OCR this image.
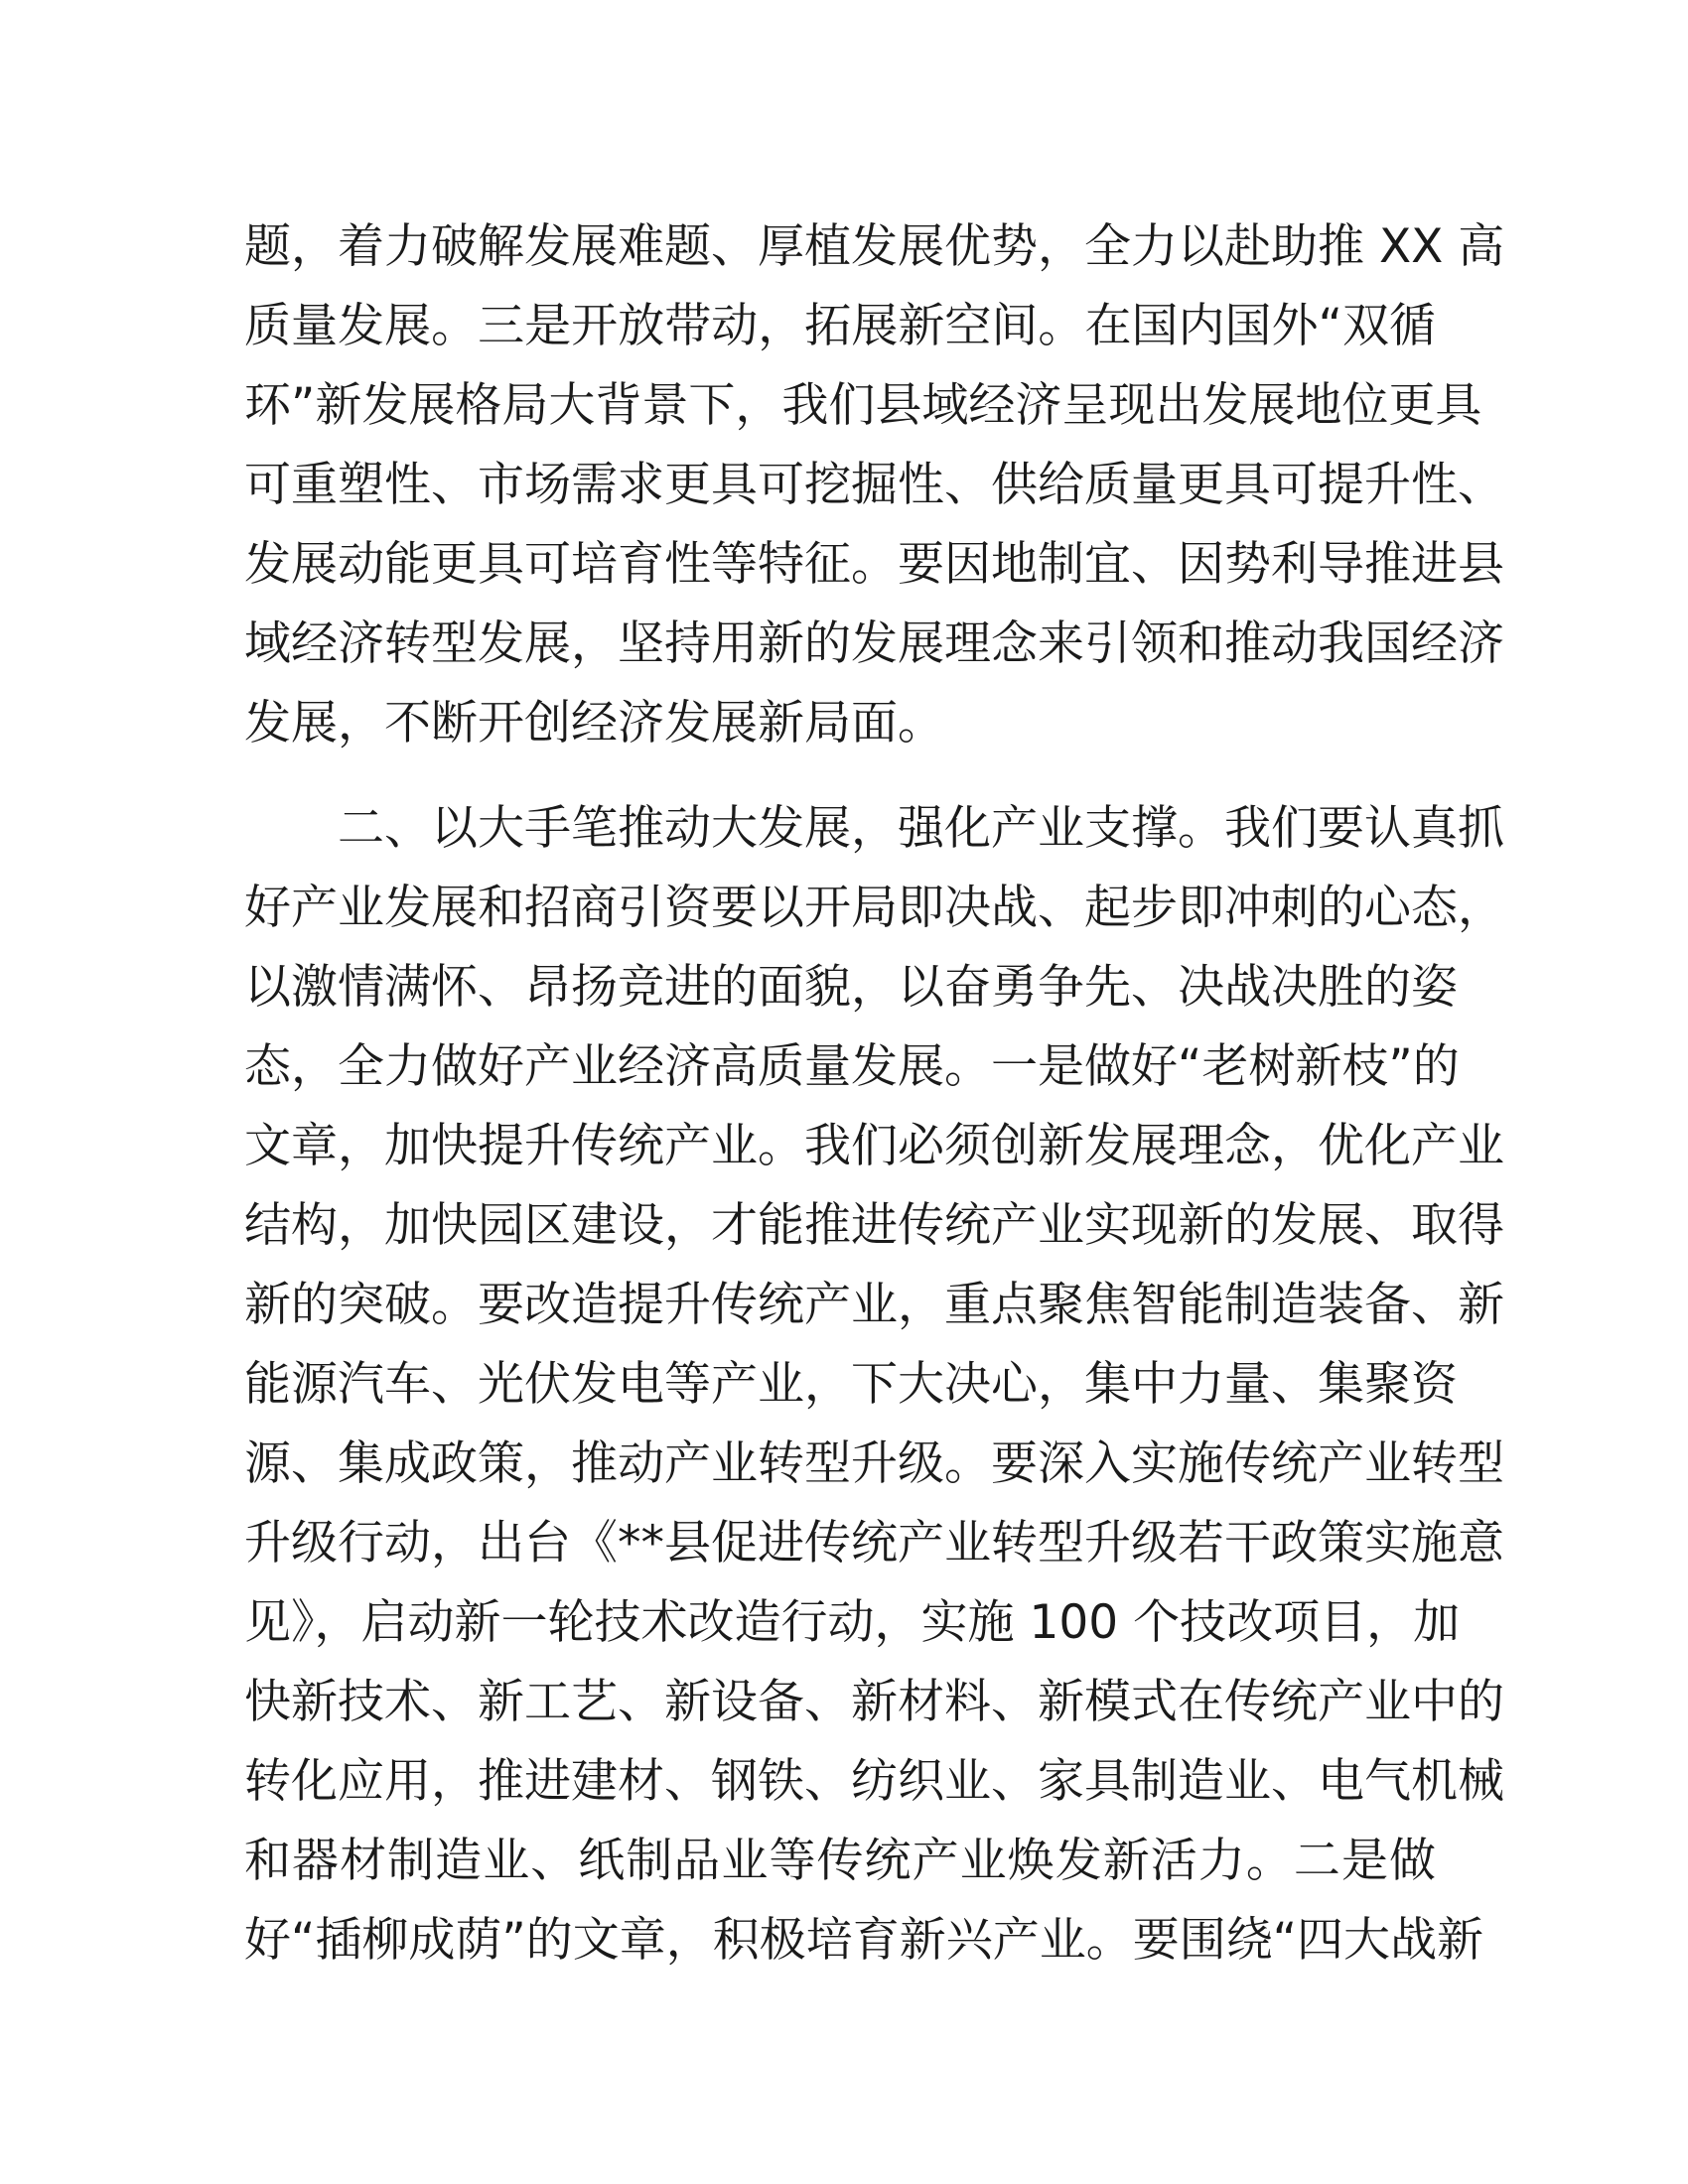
题，着力破解发展难题、厚植发展优势，全力以赴助推 XX 高
质量发展。三是开放带动，拓展新空间。在国内国外“双循
环”新发展格局大背景下，我们县域经济呈现出发展地位更具
可重塑性、市场需求更具可挖掘性、供给质量更具可提升性、
发展动能更具可培育性等特征。要因地制宜、因势利导推进县
域经济转型发展，坚持用新的发展理念来引领和推动我国经济
发展，不断开创经济发展新局面。
二、以大手笔推动大发展，强化产业支撑。我们要认真抓
好产业发展和招商引资要以开局即决战、起步即冲刺的心态，
以激情满怀、昂扬竞进的面貌，以奋勇争先、决战决胜的姿
态，全力做好产业经济高质量发展。一是做好“老树新枝”的
文章，加快提升传统产业。我们必须创新发展理念，优化产业
结构，加快园区建设，才能推进传统产业实现新的发展、取得
新的突破。要改造提升传统产业，重点聚焦智能制造装备、新
能源汽车、光伏发电等产业，下大决心，集中力量、集聚资
源、集成政策，推动产业转型升级。要深入实施传统产业转型
升级行动，出台《**县促进传统产业转型升级若干政策实施意
见》，启动新一轮技术改造行动，实施 100 个技改项目，加
快新技术、新工艺、新设备、新材料、新模式在传统产业中的
转化应用，推进建材、钢铁、纺织业、家具制造业、电气机械
和器材制造业、纸制品业等传统产业焕发新活力。二是做
好“插柳成荫”的文章，积极培育新兴产业。要围绕“四大战新
